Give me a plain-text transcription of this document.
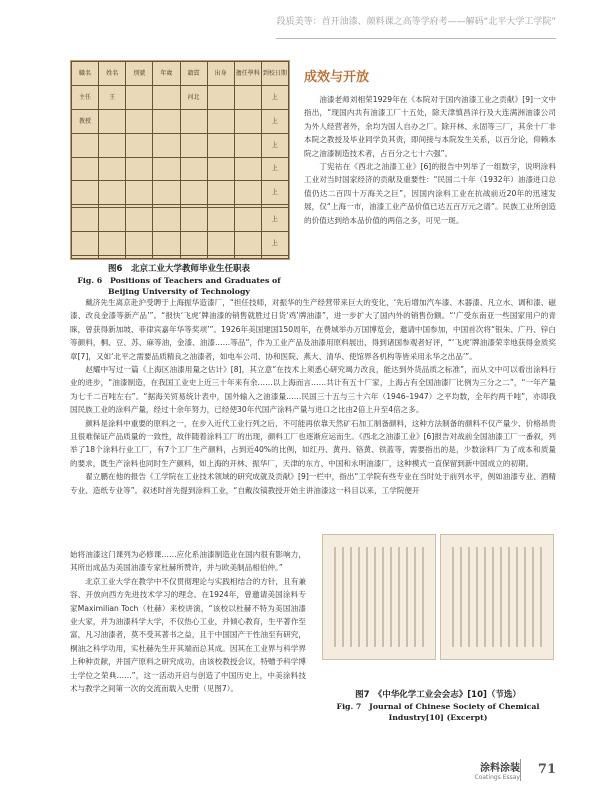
段质美等：首开油漆、颜料课之高等学府考——解码“北平大学工学院”
職名	姓名	別號	年歲	籍貫	出身	擔任學科	到校日期
主任	王			河北			上
教授							上
							上
							上
							上

							上
							上

图6　北京工业大学教师毕业生任职表
Fig. 6　Positions of Teachers and Graduates of Beijing University of Technology
成效与开放

油漆老师刘相荣1929年在《本院对于国内油漆工业之贡献》[9]一文中指出，“现国内共有油漆工厂十五处，除天津慎昌洋行及大连满洲油漆公司为外人经营者外，余均为国人自办之厂。除开林、永固等三厂，其余十厂非本院之教授及毕业同学负其责，即间接与本院发生关系，以百分论，仰赖本院之油漆制造技术者，占百分之七十六强”。

丁宪祜在《西北之油漆工业》[6]的报告中列举了一组数字，说明涂料工业对当时国家经济的贡献及重要性：“民国二十年（1932年）油漆进口总值仍达二百四十万海关之巨”，因国内涂料工业在抗战前近20年的迅速发展，仅“上海一市，油漆工业产品价值已达五百万元之谱”。民族工业所创造的价值达到给本品价值的两倍之多，可见一斑。

戴济先生离京赴沪受聘于上海振华造漆厂，“担任技师，对振华的生产经营带来巨大的变化，‘先后增加汽车漆、木器漆、凡立水、调和漆、磁漆、改良金漆等新产品’”。“报快‘飞虎’牌油漆的销售就胜过日货‘鸡’牌油漆”，进一步扩大了国内外的销售份额。“‘广受东南亚一些国家用户的青睐，曾获得新加坡、菲律宾嘉年华等奖项’”。1926年美国建国150周年，在费城举办万国博览会，邀请中国参加，中国首次将“银朱、广丹、锌白等颜料，桐、豆、苏、麻等油，金漆、油漆……等品”，作为工业产品及油漆用原料展出，得到诸国参观者好评，“‘飞虎’牌油漆荣幸地获得金质奖章[7]，又如‘北平之需要品质精良之油漆者，如电车公司、协和医院、燕大、清华、使馆界各机构等皆采用永华之出品’”。

赵耀中写过一篇《上海区油漆用量之估计》[8]，其立意“在技术上须悉心研究竭力改良，能达到外货品质之标准”，而从文中可以看出涂料行业的进步，“油漆制造，在我国工业史上近三十年来有余……以上海而言……共计有五十厂家，上海占有全国油漆厂比例为三分之二”，“一年产量为七千二百吨左右”。“据海关贸易统计表中，国外输入之油漆量……民国三十五与三十六年（1946–1947）之平均数，全年约两千吨”，亦即我国民族工业的涂料产量，经过十余年努力，已经使30年代国产涂料产量与进口之比由2倍上升至4倍之多。

颜料是涂料中重要的原料之一，在步入近代工业行列之后，不可能再依靠天然矿石加工制备颜料，这种方法制备的颜料不仅产量少、价格昂贵且很难保证产品质量的一致性，故伴随着涂料工厂的出现，颜料工厂也逐渐应运而生。《西北之油漆工业》[6]报告对战前全国油漆工厂一番叙，列举了18个涂料行业工厂，有7个工厂生产颜料，占到近40%的比例，如红丹、黄丹、铬黄、铁蓝等，需要指出的是，少数涂料厂为了成本和质量的要求，既生产涂料也同时生产颜料，如上海的开林、振华厂，天津的东方、中国和永明油漆厂，这种模式一直保留到新中国成立的初期。

翟立鹏在他的报告《工学院在工业技术领域的研究成就及贡献》[9]一栏中，指出“工学院有些专业在当时处于前列水平，例如油漆专业、酒精专业、造纸专业等”。叙述时首先提到涂料工业，“自戴汝镐教授开始主讲油漆这一科目以来，工学院便开

始将油漆这门课列为必修课……应化系油漆制造业在国内很有影响力，其所出成品为美国油漆专家杜赫所赞许，并与欧美制品相伯仲。”

北京工业大学在教学中不仅贯彻理论与实践相结合的方针，且有兼容、开放向西方先进技术学习的理念。在1924年，曾邀请美国涂料专家Maximilian Toch（杜赫）来校讲演，“该校以杜赫不特为美国油漆业大家，并为油漆科学大学，不仅热心工业，并倾心教育，生平著作至富，凡习油漆者，莫不受其著书之益，且于中国国产干性油至有研究，桐油之科学功用，实杜赫先生开其端而总其成。因其在工业界与科学界上种种贡献，并国产原料之研究成功，由该校教授会议，特赠予科学博士学位之荣典……”，这一活动开启与创造了中国历史上，中美涂料技术与教学之间第一次的交流而载入史册（见图7）。

图7　《中华化学工业会会志》[10]（节选）
Fig. 7　Journal of Chinese Society of Chemical Industry[10] (Excerpt)
涂料涂装
Coatings Essay
71
